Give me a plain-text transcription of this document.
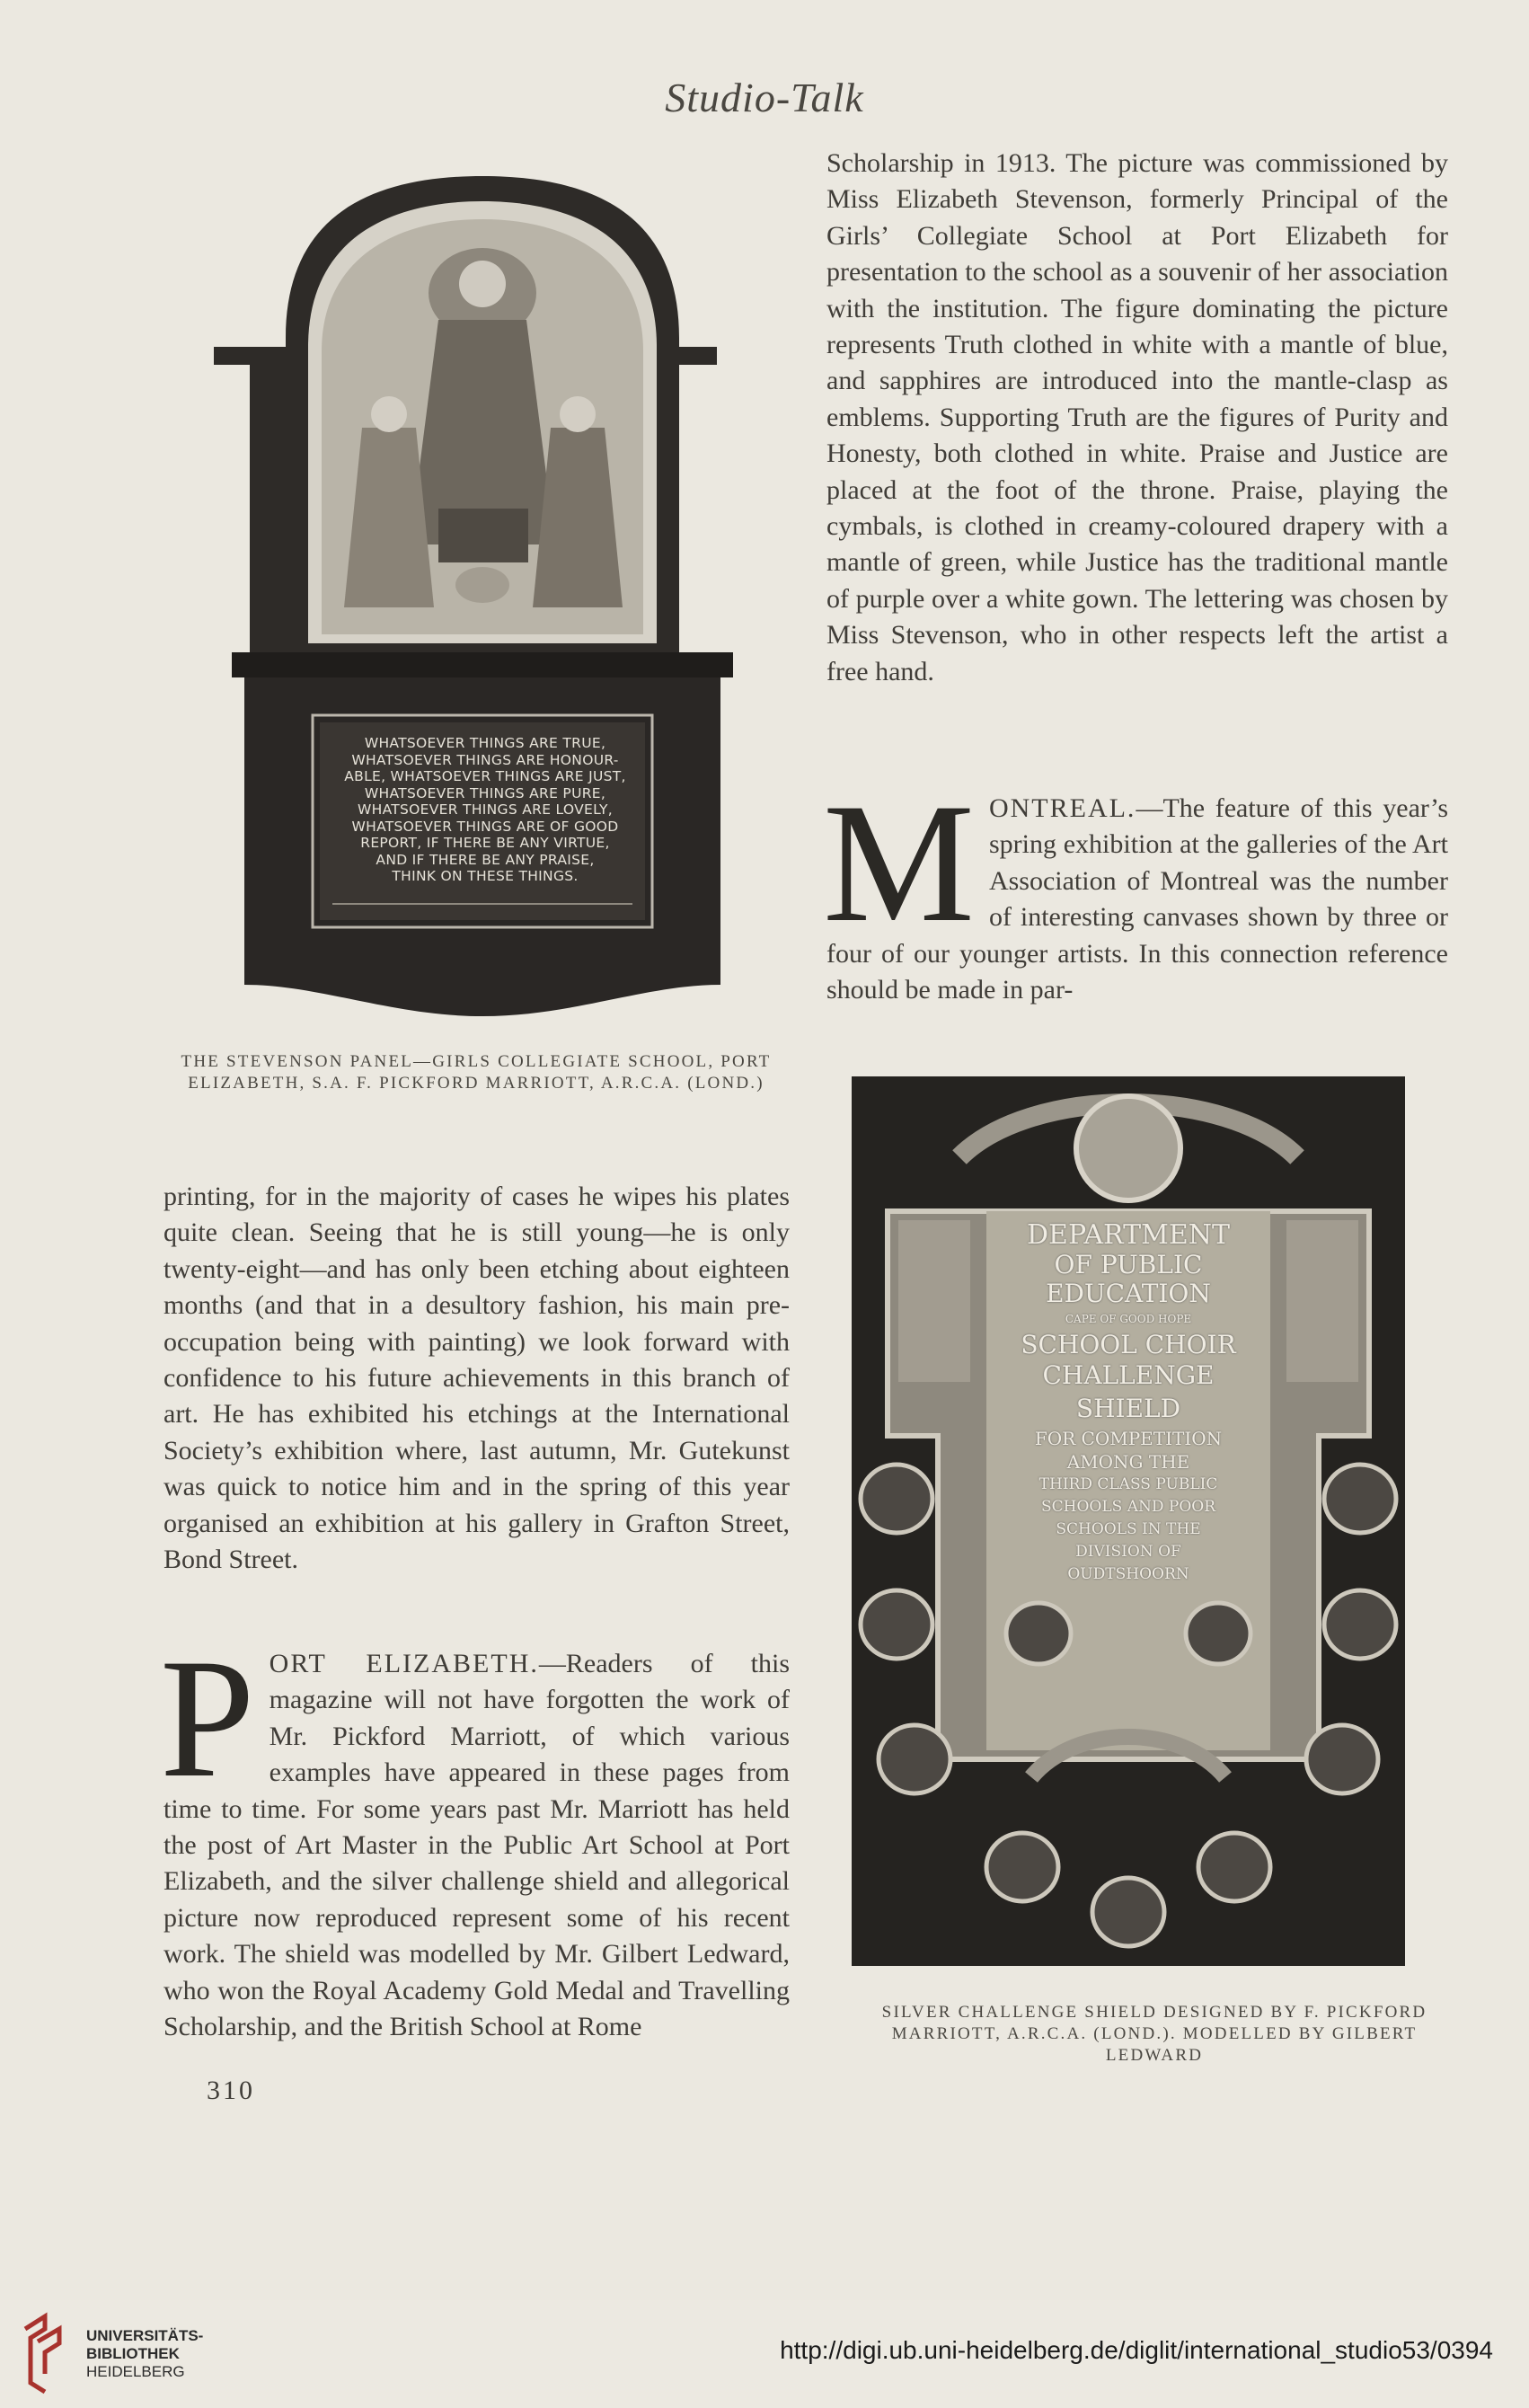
Studio-Talk
WHATSOEVER THINGS ARE TRUE,
WHATSOEVER THINGS ARE HONOUR-
ABLE, WHATSOEVER THINGS ARE JUST,
WHATSOEVER THINGS ARE PURE,
WHATSOEVER THINGS ARE LOVELY,
WHATSOEVER THINGS ARE OF GOOD
REPORT, IF THERE BE ANY VIRTUE,
AND IF THERE BE ANY PRAISE,
THINK ON THESE THINGS.
THE STEVENSON PANEL—GIRLS COLLEGIATE SCHOOL, PORT ELIZABETH, S.A. F. PICKFORD MARRIOTT, A.R.C.A. (LOND.)

Scholarship in 1913. The picture was commissioned by Miss Elizabeth Stevenson, formerly Principal of the Girls’ Collegiate School at Port Elizabeth for presentation to the school as a souvenir of her association with the institution. The figure dominating the picture represents Truth clothed in white with a mantle of blue, and sapphires are introduced into the mantle-clasp as emblems. Supporting Truth are the figures of Purity and Honesty, both clothed in white. Praise and Justice are placed at the foot of the throne. Praise, playing the cymbals, is clothed in creamy-coloured drapery with a mantle of green, while Justice has the traditional mantle of purple over a white gown. The lettering was chosen by Miss Stevenson, who in other respects left the artist a free hand.

MONTREAL.—The feature of this year’s spring exhibition at the galleries of the Art Association of Montreal was the number of interesting canvases shown by three or four of our younger artists. In this connection reference should be made in par-
DEPARTMENT
OF PUBLIC
EDUCATION
CAPE OF GOOD HOPE
SCHOOL CHOIR
CHALLENGE
SHIELD
FOR COMPETITION
AMONG THE
THIRD CLASS PUBLIC
SCHOOLS AND POOR
SCHOOLS IN THE
DIVISION OF
OUDTSHOORN
SILVER CHALLENGE SHIELD DESIGNED BY F. PICKFORD MARRIOTT, A.R.C.A. (LOND.). MODELLED BY GILBERT LEDWARD

printing, for in the majority of cases he wipes his plates quite clean. Seeing that he is still young—he is only twenty-eight—and has only been etching about eighteen months (and that in a desultory fashion, his main pre-occupation being with painting) we look forward with confidence to his future achievements in this branch of art. He has exhibited his etchings at the International Society’s exhibition where, last autumn, Mr. Gutekunst was quick to notice him and in the spring of this year organised an exhibition at his gallery in Grafton Street, Bond Street.

PORT ELIZABETH.—Readers of this magazine will not have forgotten the work of Mr. Pickford Marriott, of which various examples have appeared in these pages from time to time. For some years past Mr. Marriott has held the post of Art Master in the Public Art School at Port Elizabeth, and the silver challenge shield and allegorical picture now reproduced represent some of his recent work. The shield was modelled by Mr. Gilbert Ledward, who won the Royal Academy Gold Medal and Travelling Scholarship, and the British School at Rome
310
UNIVERSITÄTS-
BIBLIOTHEK
HEIDELBERG
http://digi.ub.uni-heidelberg.de/diglit/international_studio53/0394
